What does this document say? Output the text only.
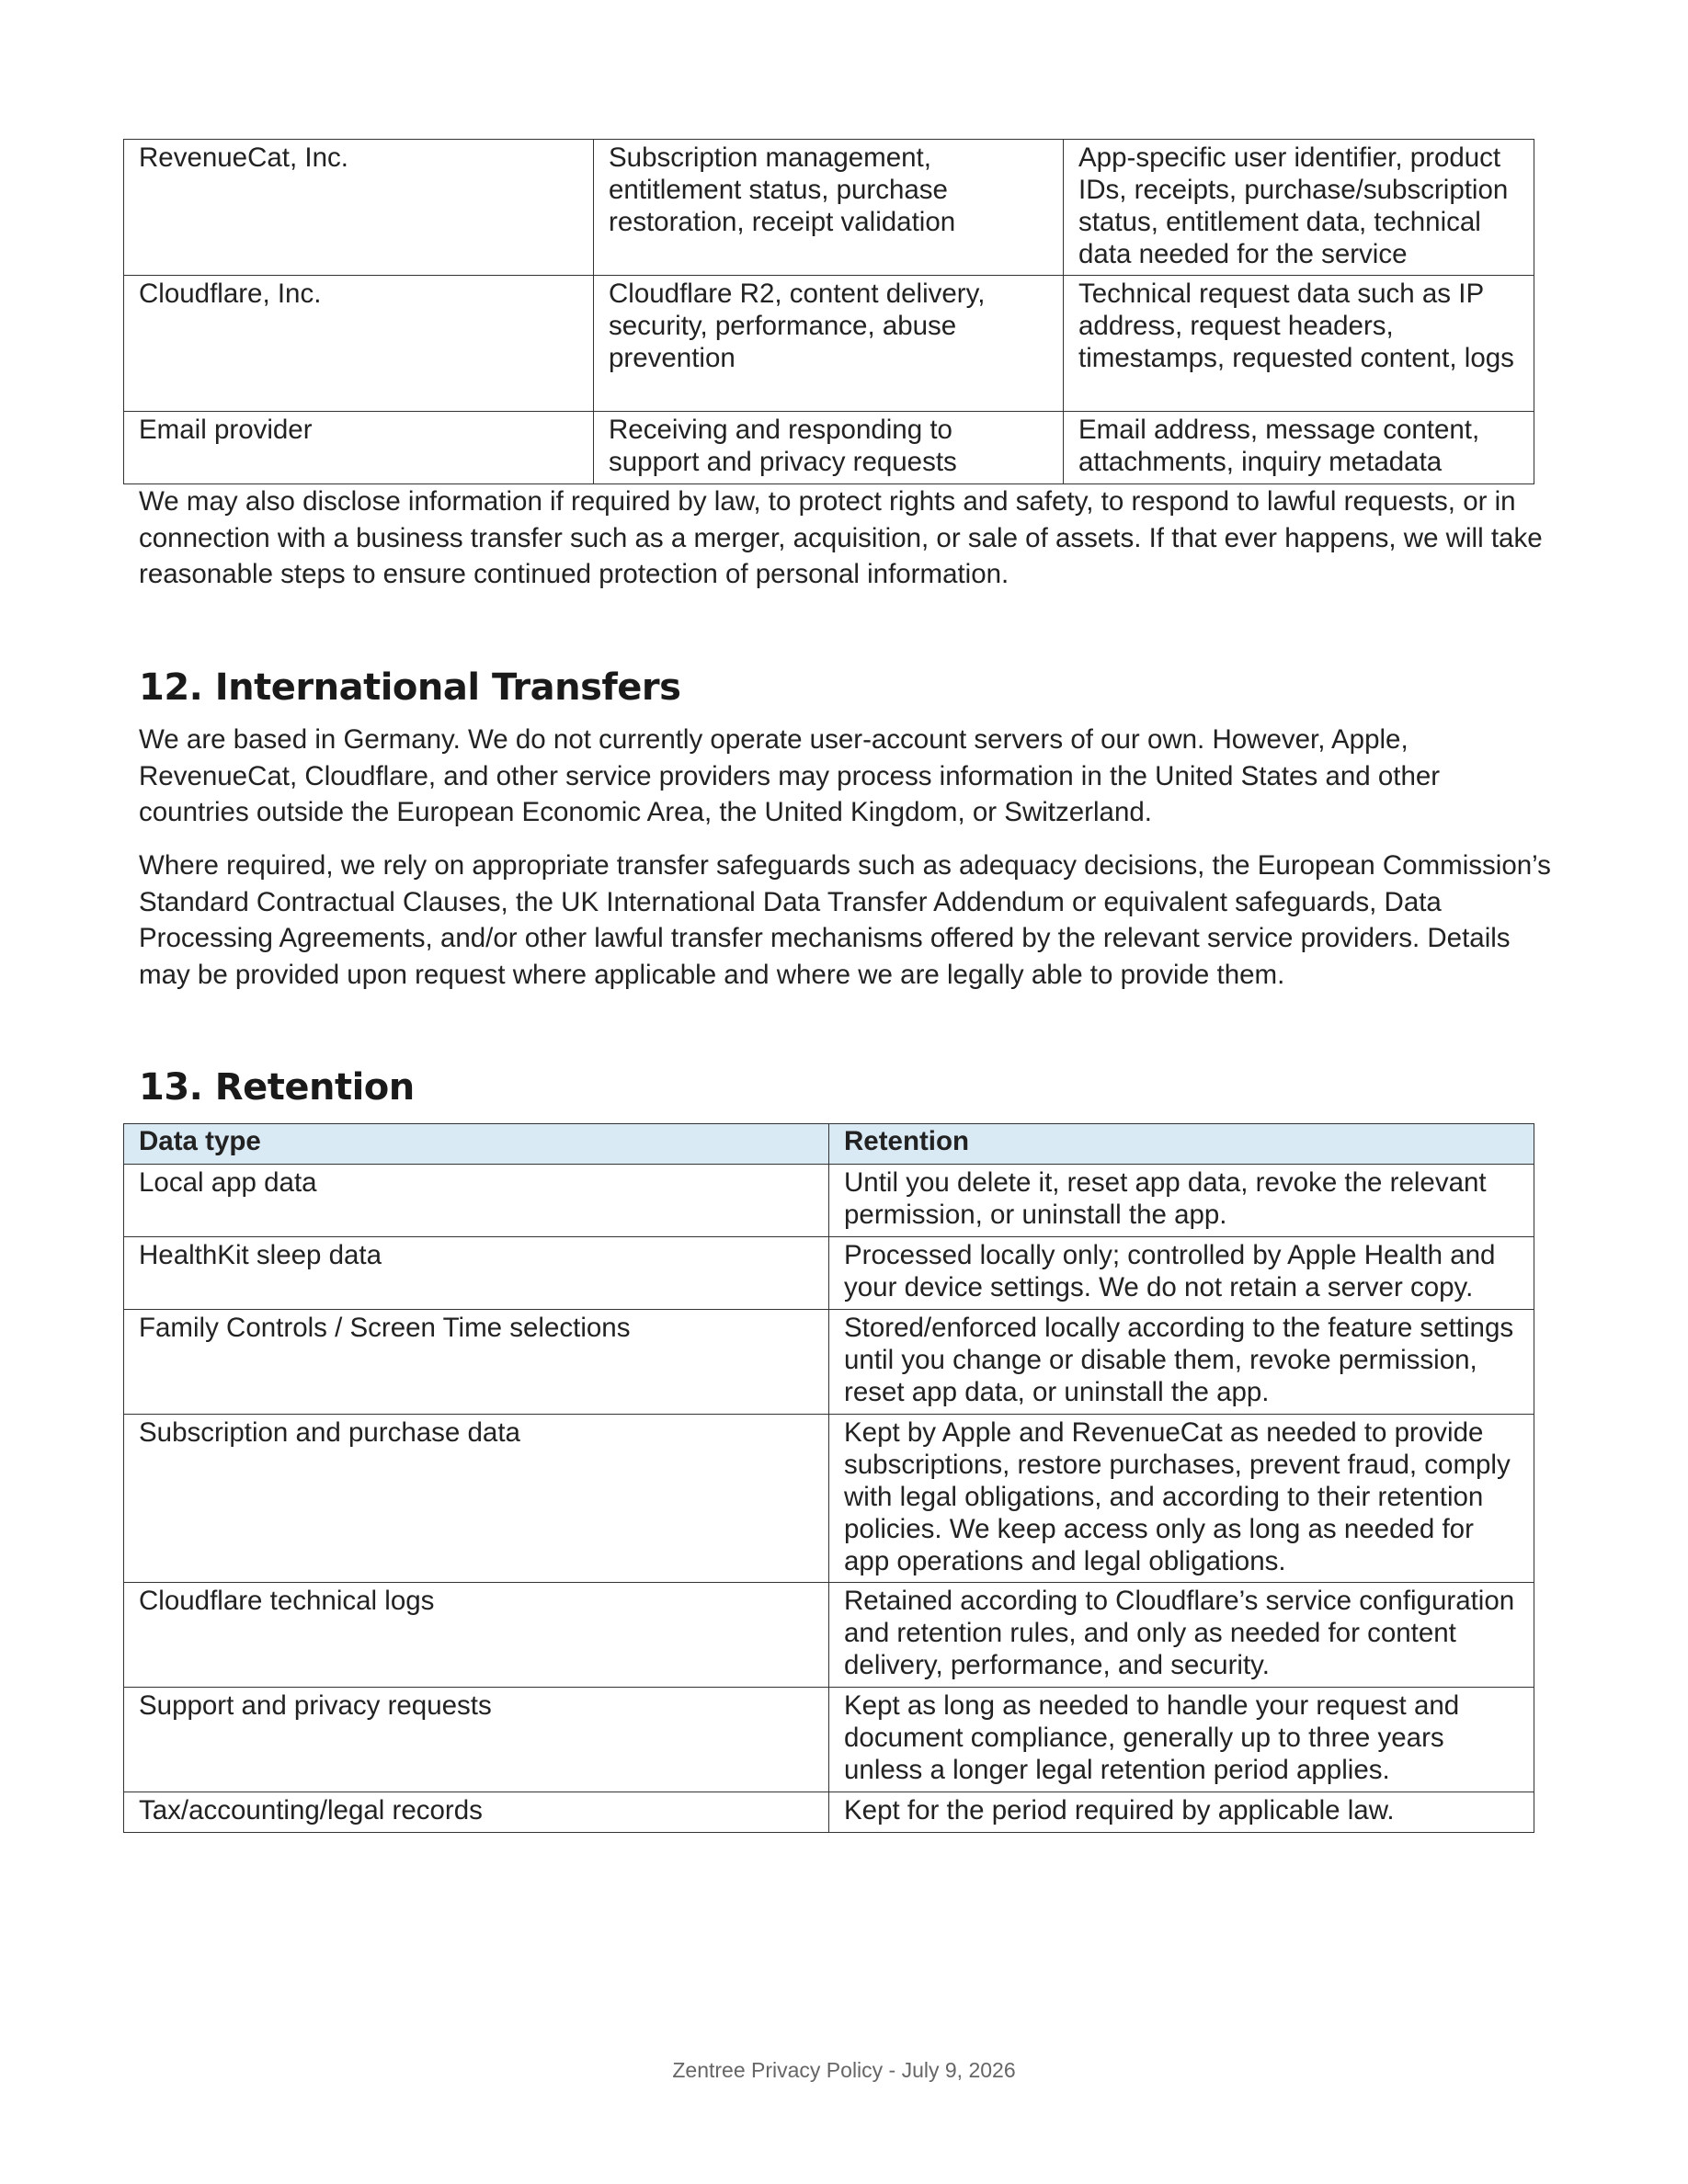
RevenueCat, Inc.	Subscription management, entitlement status, purchase restoration, receipt validation	App-specific user identifier, product IDs, receipts, purchase/subscription status, entitlement data, technical data needed for the service
Cloudflare, Inc.	Cloudflare R2, content delivery, security, performance, abuse prevention	Technical request data such as IP address, request headers, timestamps, requested content, logs
Email provider	Receiving and responding to support and privacy requests	Email address, message content, attachments, inquiry metadata

We may also disclose information if required by law, to protect rights and safety, to respond to lawful requests, or in connection with a business transfer such as a merger, acquisition, or sale of assets. If that ever happens, we will take reasonable steps to ensure continued protection of personal information.

12. International Transfers

We are based in Germany. We do not currently operate user-account servers of our own. However, Apple, RevenueCat, Cloudflare, and other service providers may process information in the United States and other countries outside the European Economic Area, the United Kingdom, or Switzerland.

Where required, we rely on appropriate transfer safeguards such as adequacy decisions, the European Commission’s Standard Contractual Clauses, the UK International Data Transfer Addendum or equivalent safeguards, Data Processing Agreements, and/or other lawful transfer mechanisms offered by the relevant service providers. Details may be provided upon request where applicable and where we are legally able to provide them.

13. Retention
Data type	Retention
Local app data	Until you delete it, reset app data, revoke the relevant permission, or uninstall the app.
HealthKit sleep data	Processed locally only; controlled by Apple Health and your device settings. We do not retain a server copy.
Family Controls / Screen Time selections	Stored/enforced locally according to the feature settings until you change or disable them, revoke permission, reset app data, or uninstall the app.
Subscription and purchase data	Kept by Apple and RevenueCat as needed to provide subscriptions, restore purchases, prevent fraud, comply with legal obligations, and according to their retention policies. We keep access only as long as needed for app operations and legal obligations.
Cloudflare technical logs	Retained according to Cloudflare’s service configuration and retention rules, and only as needed for content delivery, performance, and security.
Support and privacy requests	Kept as long as needed to handle your request and document compliance, generally up to three years unless a longer legal retention period applies.
Tax/accounting/legal records	Kept for the period required by applicable law.
Zentree Privacy Policy - July 9, 2026
